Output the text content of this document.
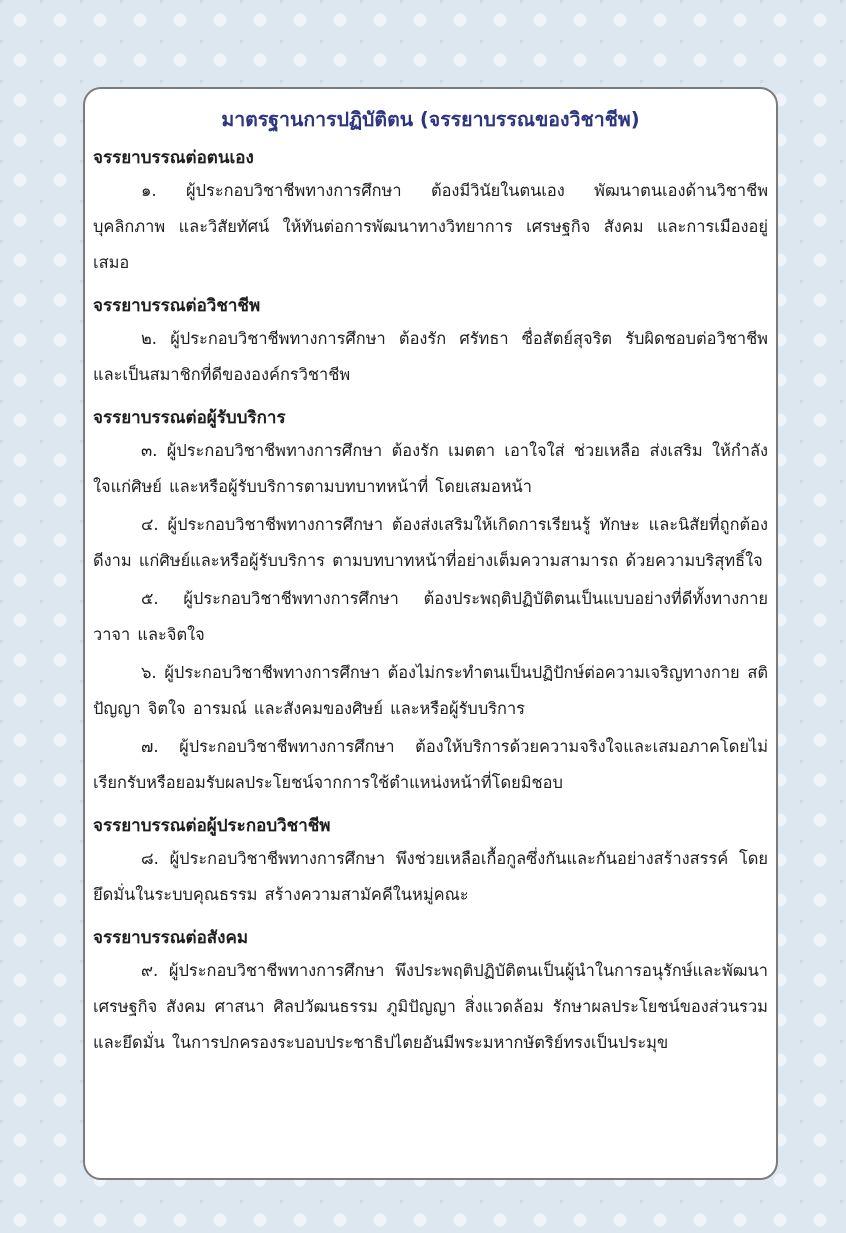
มาตรฐานการปฏิบัติตน (จรรยาบรรณของวิชาชีพ)
จรรยาบรรณต่อตนเอง

๑. ผู้ประกอบวิชาชีพทางการศึกษา ต้องมีวินัยในตนเอง พัฒนาตนเองด้านวิชาชีพ บุคลิกภาพ และวิสัยทัศน์ ให้ทันต่อการพัฒนาทางวิทยาการ เศรษฐกิจ สังคม และการเมืองอยู่เสมอ

จรรยาบรรณต่อวิชาชีพ

๒. ผู้ประกอบวิชาชีพทางการศึกษา ต้องรัก ศรัทธา ซื่อสัตย์สุจริต รับผิดชอบต่อวิชาชีพ และเป็นสมาชิกที่ดีขององค์กรวิชาชีพ

จรรยาบรรณต่อผู้รับบริการ

๓. ผู้ประกอบวิชาชีพทางการศึกษา ต้องรัก เมตตา เอาใจใส่ ช่วยเหลือ ส่งเสริม ให้กำลังใจแก่ศิษย์ และหรือผู้รับบริการตามบทบาทหน้าที่ โดยเสมอหน้า

๔. ผู้ประกอบวิชาชีพทางการศึกษา ต้องส่งเสริมให้เกิดการเรียนรู้ ทักษะ และนิสัยที่ถูกต้องดีงาม แก่ศิษย์และหรือผู้รับบริการ ตามบทบาทหน้าที่อย่างเต็มความสามารถ ด้วยความบริสุทธิ์ใจ

๕. ผู้ประกอบวิชาชีพทางการศึกษา ต้องประพฤติปฏิบัติตนเป็นแบบอย่างที่ดีทั้งทางกาย วาจา และจิตใจ

๖. ผู้ประกอบวิชาชีพทางการศึกษา ต้องไม่กระทำตนเป็นปฏิปักษ์ต่อความเจริญทางกาย สติปัญญา จิตใจ อารมณ์ และสังคมของศิษย์ และหรือผู้รับบริการ

๗. ผู้ประกอบวิชาชีพทางการศึกษา ต้องให้บริการด้วยความจริงใจและเสมอภาคโดยไม่เรียกรับหรือยอมรับผลประโยชน์จากการใช้ตำแหน่งหน้าที่โดยมิชอบ

จรรยาบรรณต่อผู้ประกอบวิชาชีพ

๘. ผู้ประกอบวิชาชีพทางการศึกษา พึงช่วยเหลือเกื้อกูลซึ่งกันและกันอย่างสร้างสรรค์ โดยยึดมั่นในระบบคุณธรรม สร้างความสามัคคีในหมู่คณะ

จรรยาบรรณต่อสังคม

๙. ผู้ประกอบวิชาชีพทางการศึกษา พึงประพฤติปฏิบัติตนเป็นผู้นำในการอนุรักษ์และพัฒนาเศรษฐกิจ สังคม ศาสนา ศิลปวัฒนธรรม ภูมิปัญญา สิ่งแวดล้อม รักษาผลประโยชน์ของส่วนรวม และยึดมั่น ในการปกครองระบอบประชาธิปไตยอันมีพระมหากษัตริย์ทรงเป็นประมุข
